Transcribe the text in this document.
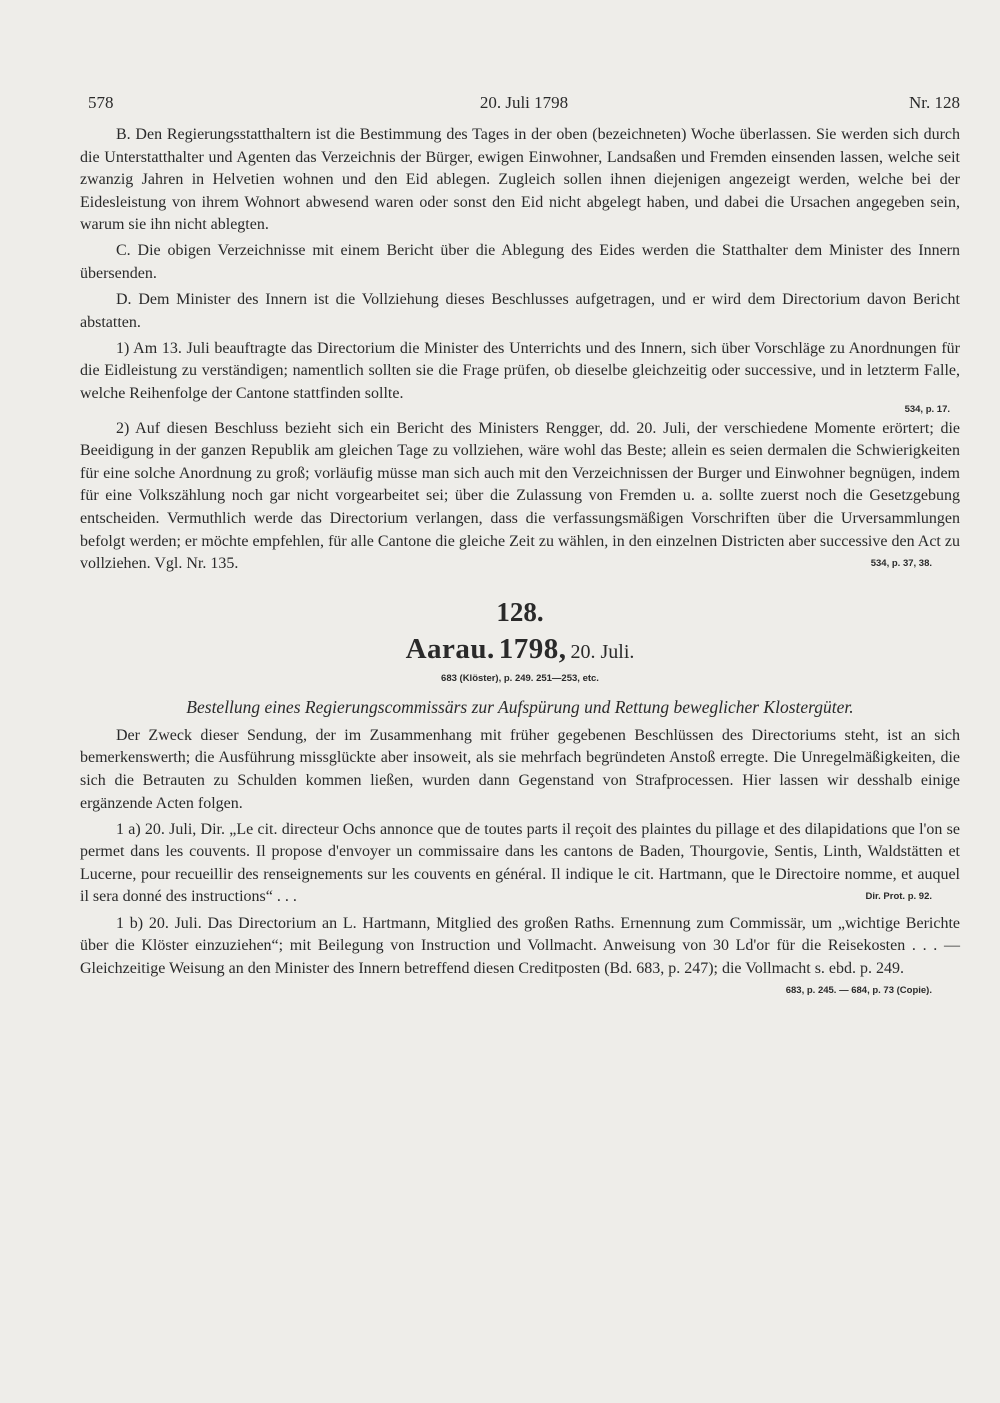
578	20. Juli 1798	Nr. 128

B. Den Regierungsstatthaltern ist die Bestimmung des Tages in der oben (bezeichneten) Woche überlassen. Sie werden sich durch die Unterstatthalter und Agenten das Verzeichnis der Bürger, ewigen Einwohner, Landsaßen und Fremden einsenden lassen, welche seit zwanzig Jahren in Helvetien wohnen und den Eid ablegen. Zugleich sollen ihnen diejenigen angezeigt werden, welche bei der Eidesleistung von ihrem Wohnort abwesend waren oder sonst den Eid nicht abgelegt haben, und dabei die Ursachen angegeben sein, warum sie ihn nicht ablegten.

C. Die obigen Verzeichnisse mit einem Bericht über die Ablegung des Eides werden die Statthalter dem Minister des Innern übersenden.

D. Dem Minister des Innern ist die Vollziehung dieses Beschlusses aufgetragen, und er wird dem Directorium davon Bericht abstatten.

1) Am 13. Juli beauftragte das Directorium die Minister des Unterrichts und des Innern, sich über Vorschläge zu Anordnungen für die Eidleistung zu verständigen; namentlich sollten sie die Frage prüfen, ob dieselbe gleichzeitig oder successive, und in letzterm Falle, welche Reihenfolge der Cantone stattfinden sollte.

534, p. 17.

2) Auf diesen Beschluss bezieht sich ein Bericht des Ministers Rengger, dd. 20. Juli, der verschiedene Momente erörtert; die Beeidigung in der ganzen Republik am gleichen Tage zu vollziehen, wäre wohl das Beste; allein es seien dermalen die Schwierigkeiten für eine solche Anordnung zu groß; vorläufig müsse man sich auch mit den Verzeichnissen der Burger und Einwohner begnügen, indem für eine Volkszählung noch gar nicht vorgearbeitet sei; über die Zulassung von Fremden u. a. sollte zuerst noch die Gesetzgebung entscheiden. Vermuthlich werde das Directorium verlangen, dass die verfassungsmäßigen Vorschriften über die Urversammlungen befolgt werden; er möchte empfehlen, für alle Cantone die gleiche Zeit zu wählen, in den einzelnen Districten aber successive den Act zu vollziehen. Vgl. Nr. 135.	534, p. 37, 38.

128.
Aarau. 1798, 20. Juli.
683 (Klöster), p. 249. 251—253, etc.
Bestellung eines Regierungscommissärs zur Aufspürung und Rettung beweglicher Klostergüter.

Der Zweck dieser Sendung, der im Zusammenhang mit früher gegebenen Beschlüssen des Directoriums steht, ist an sich bemerkenswerth; die Ausführung missglückte aber insoweit, als sie mehrfach begründeten Anstoß erregte. Die Unregelmäßigkeiten, die sich die Betrauten zu Schulden kommen ließen, wurden dann Gegenstand von Strafprocessen. Hier lassen wir desshalb einige ergänzende Acten folgen.

1 a) 20. Juli, Dir. „Le cit. directeur Ochs annonce que de toutes parts il reçoit des plaintes du pillage et des dilapidations que l'on se permet dans les couvents. Il propose d'envoyer un commissaire dans les cantons de Baden, Thourgovie, Sentis, Linth, Waldstätten et Lucerne, pour recueillir des renseignements sur les couvents en général. Il indique le cit. Hartmann, que le Directoire nomme, et auquel il sera donné des instructions“ . . .	Dir. Prot. p. 92.

1 b) 20. Juli. Das Directorium an L. Hartmann, Mitglied des großen Raths. Ernennung zum Commissär, um „wichtige Berichte über die Klöster einzuziehen“; mit Beilegung von Instruction und Vollmacht. Anweisung von 30 Ld'or für die Reisekosten . . . — Gleichzeitige Weisung an den Minister des Innern betreffend diesen Creditposten (Bd. 683, p. 247); die Vollmacht s. ebd. p. 249.
683, p. 245. — 684, p. 73 (Copie).
